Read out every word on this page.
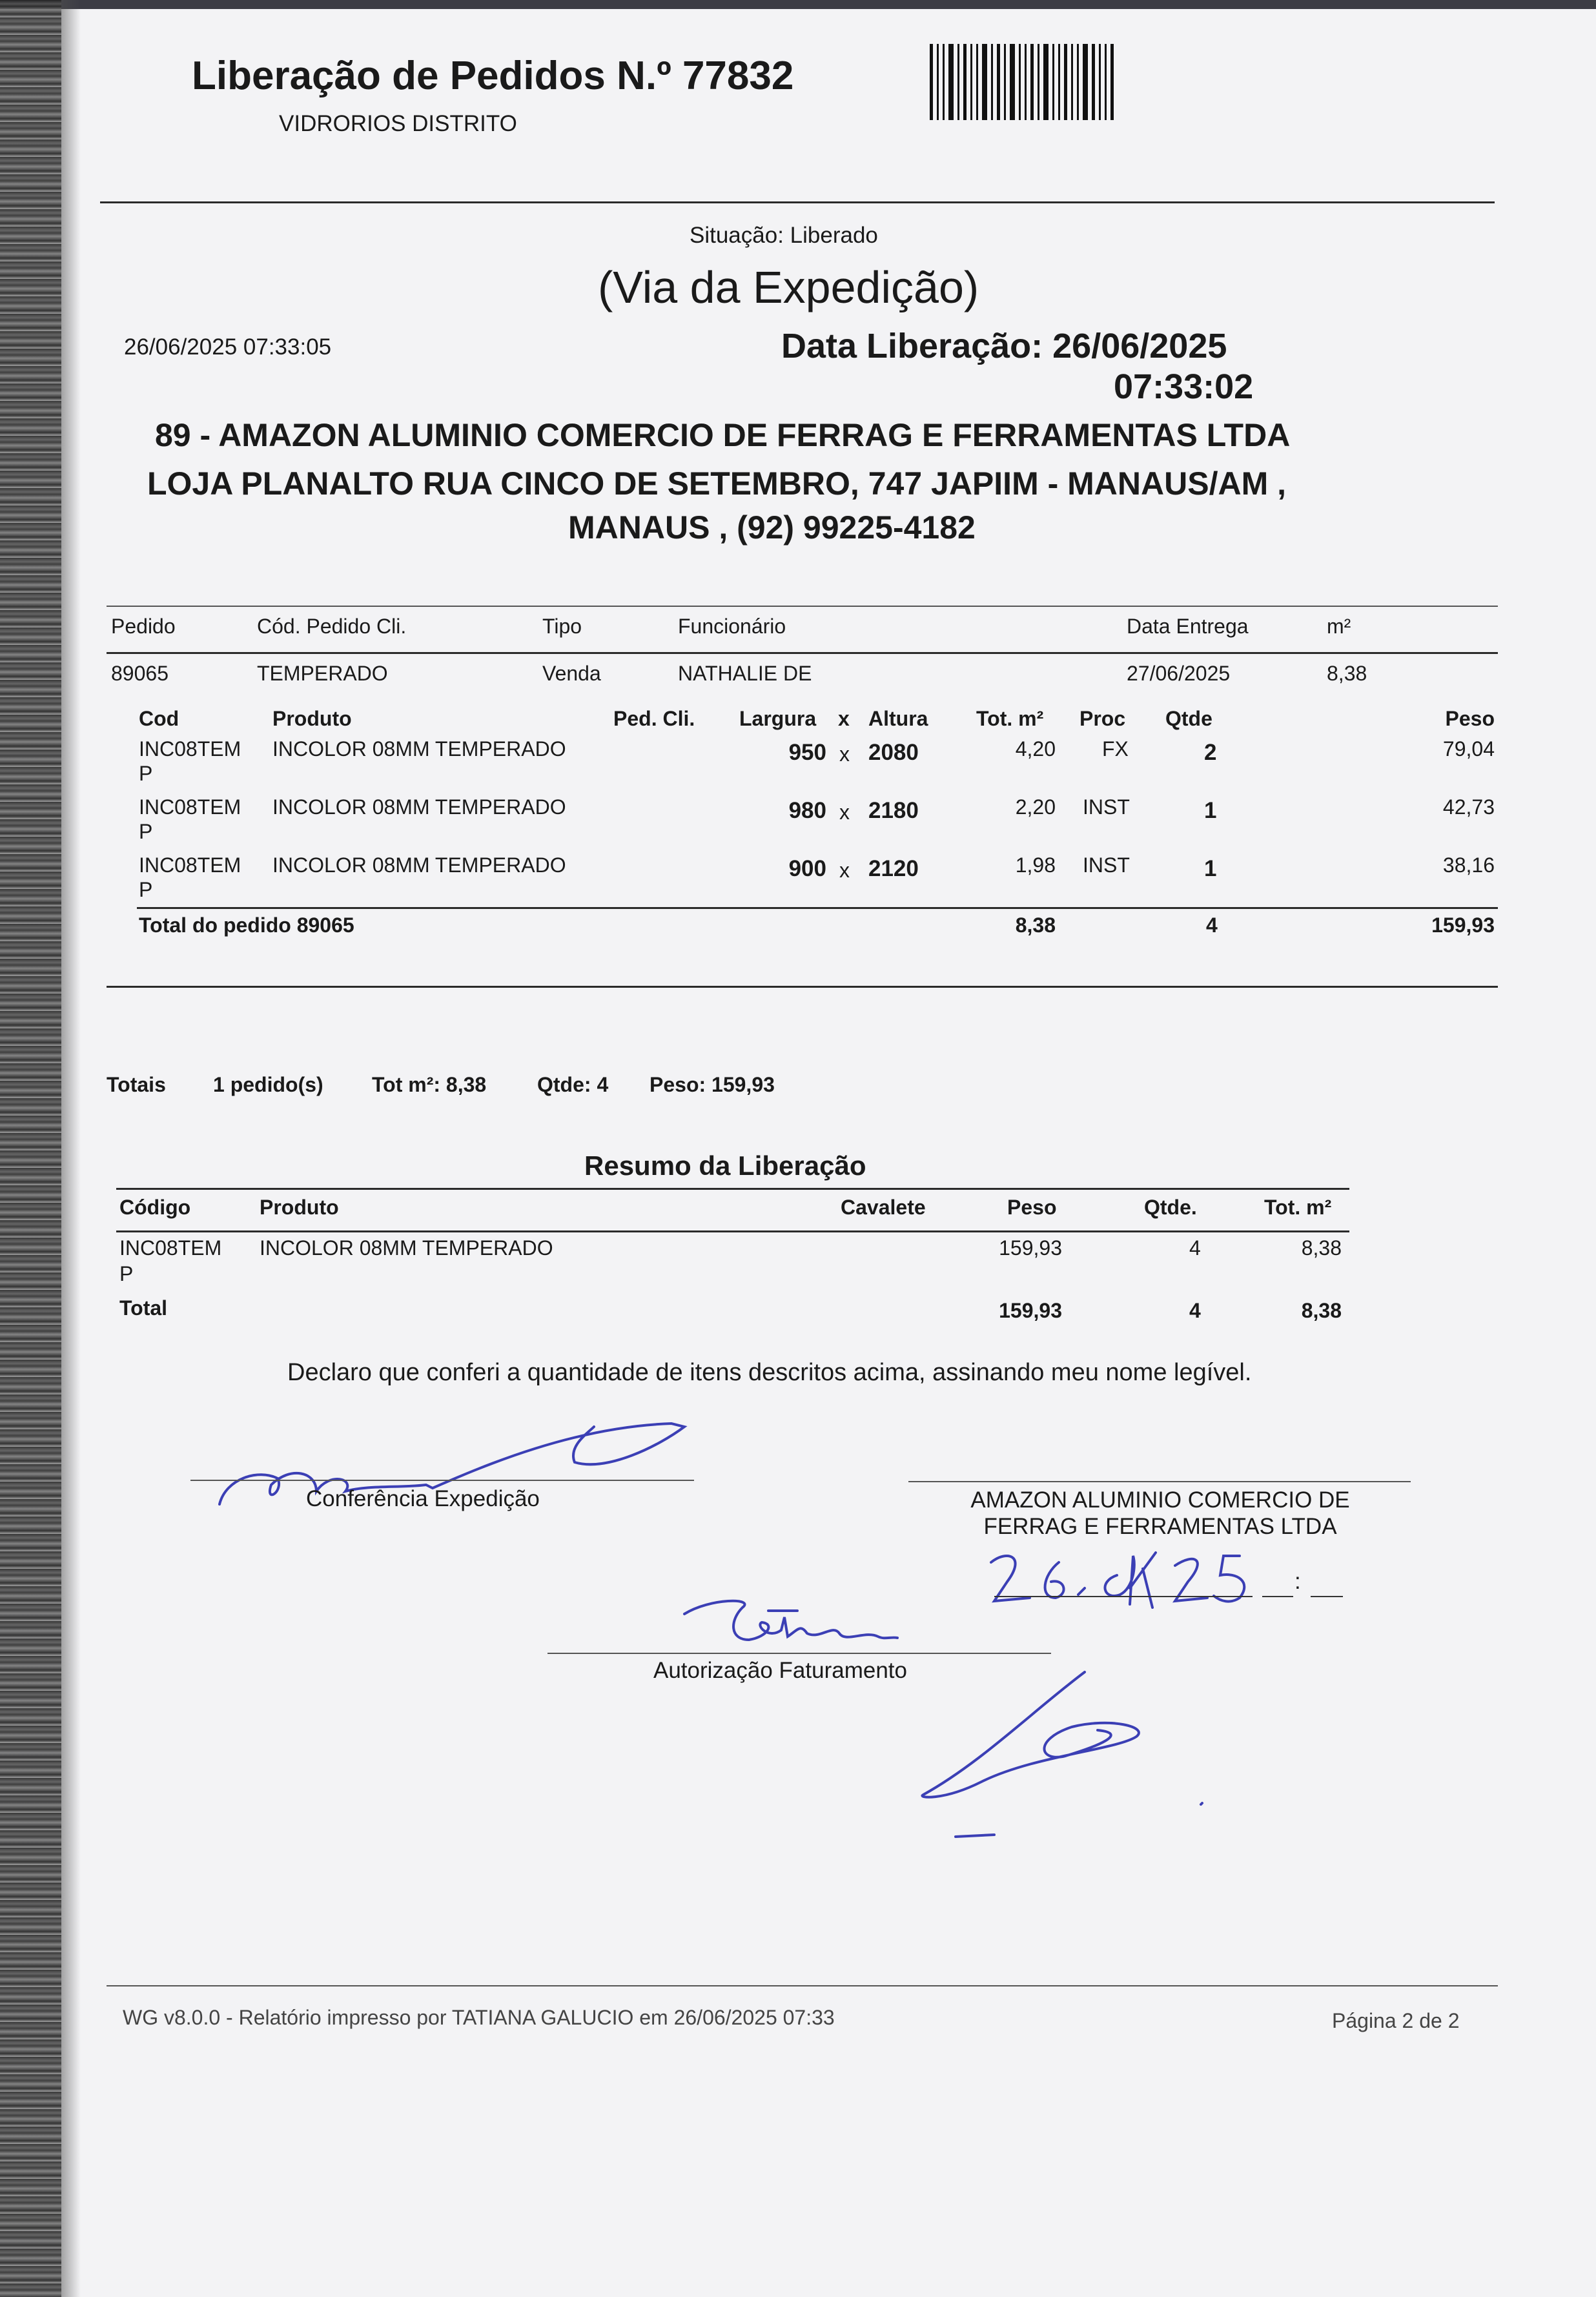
Liberação de Pedidos N.º 77832
VIDRORIOS DISTRITO
Situação: Liberado
(Via da Expedição)
26/06/2025 07:33:05	Data Liberação: 26/06/2025
07:33:02
89 - AMAZON ALUMINIO COMERCIO DE FERRAG E FERRAMENTAS LTDA
LOJA PLANALTO RUA CINCO DE SETEMBRO, 747 JAPIIM - MANAUS/AM ,
MANAUS , (92) 99225-4182
Pedido	Cód. Pedido Cli.	Tipo	Funcionário	Data Entrega	m²
89065	TEMPERADO	Venda	NATHALIE DE	27/06/2025	8,38
Cod	Produto	Ped. Cli. Largura x Altura Tot. m² Proc Qtde	Peso
INC08TEM
P
INCOLOR 08MM TEMPERADO	950 x 2080	4,20 FX	2	79,04
INC08TEM
P
INCOLOR 08MM TEMPERADO	980 x 2180	2,20 INST	1	42,73
INC08TEM
P
INCOLOR 08MM TEMPERADO	900 x 2120	1,98 INST	1	38,16
Total do pedido 89065	8,38	4	159,93
Totais 1 pedido(s) Tot m²: 8,38 Qtde: 4 Peso: 159,93
Resumo da Liberação
Código	Produto	Cavalete	Peso	Qtde.	Tot. m²
INC08TEM
P
INCOLOR 08MM TEMPERADO	159,93	4	8,38
Total	159,93	4	8,38
Declaro que conferi a quantidade de itens descritos acima, assinando meu nome legível.
Conferência Expedição	AMAZON ALUMINIO COMERCIO DE
FERRAG E FERRAMENTAS LTDA
:
Autorização Faturamento
WG v8.0.0 - Relatório impresso por TATIANA GALUCIO em 26/06/2025 07:33	Página 2 de 2
